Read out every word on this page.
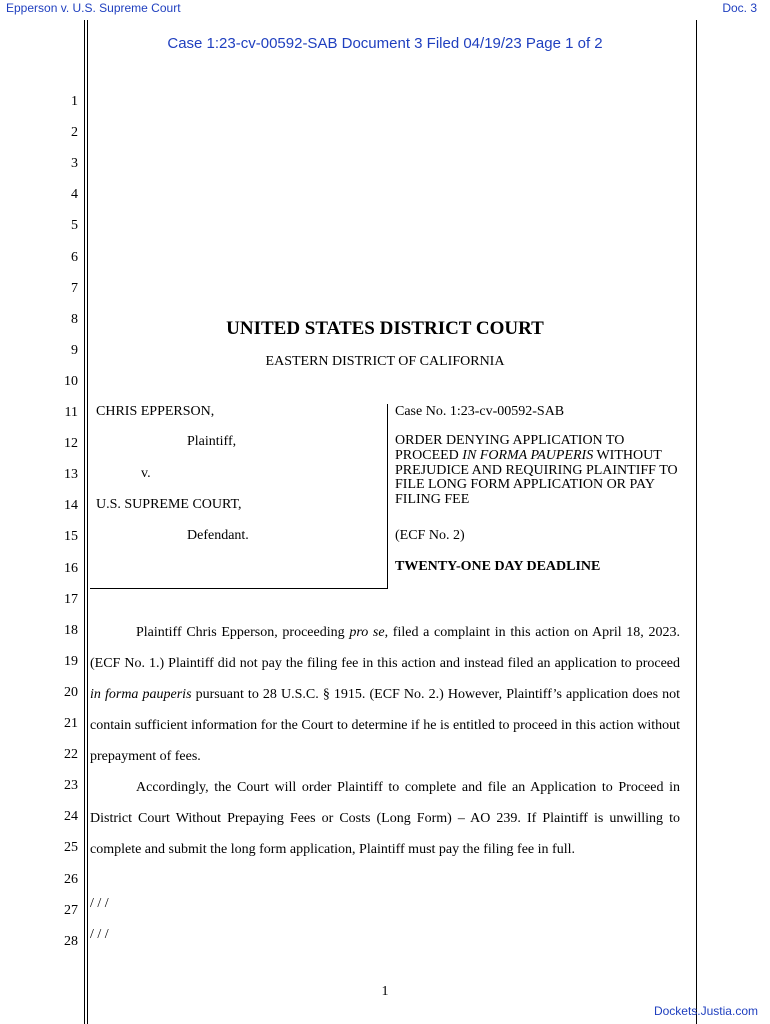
Epperson v. U.S. Supreme Court	Doc. 3
Case 1:23-cv-00592-SAB Document 3 Filed 04/19/23 Page 1 of 2
1
2
3
4
5
6
7
8
9
10
11
12
13
14
15
16
17
18
19
20
21
22
23
24
25
26
27
28
UNITED STATES DISTRICT COURT
EASTERN DISTRICT OF CALIFORNIA
CHRIS EPPERSON,
Plaintiff,
v.
U.S. SUPREME COURT,
Defendant.
Case No. 1:23-cv-00592-SAB
ORDER DENYING APPLICATION TO PROCEED IN FORMA PAUPERIS WITHOUT PREJUDICE AND REQUIRING PLAINTIFF TO FILE LONG FORM APPLICATION OR PAY FILING FEE
(ECF No. 2)
TWENTY-ONE DAY DEADLINE
Plaintiff Chris Epperson, proceeding pro se, filed a complaint in this action on April 18, 2023. (ECF No. 1.) Plaintiff did not pay the filing fee in this action and instead filed an application to proceed in forma pauperis pursuant to 28 U.S.C. § 1915. (ECF No. 2.) However, Plaintiff’s application does not contain sufficient information for the Court to determine if he is entitled to proceed in this action without prepayment of fees.
Accordingly, the Court will order Plaintiff to complete and file an Application to Proceed in District Court Without Prepaying Fees or Costs (Long Form) – AO 239. If Plaintiff is unwilling to complete and submit the long form application, Plaintiff must pay the filing fee in full.
/ / /
/ / /
1
Dockets.Justia.com
